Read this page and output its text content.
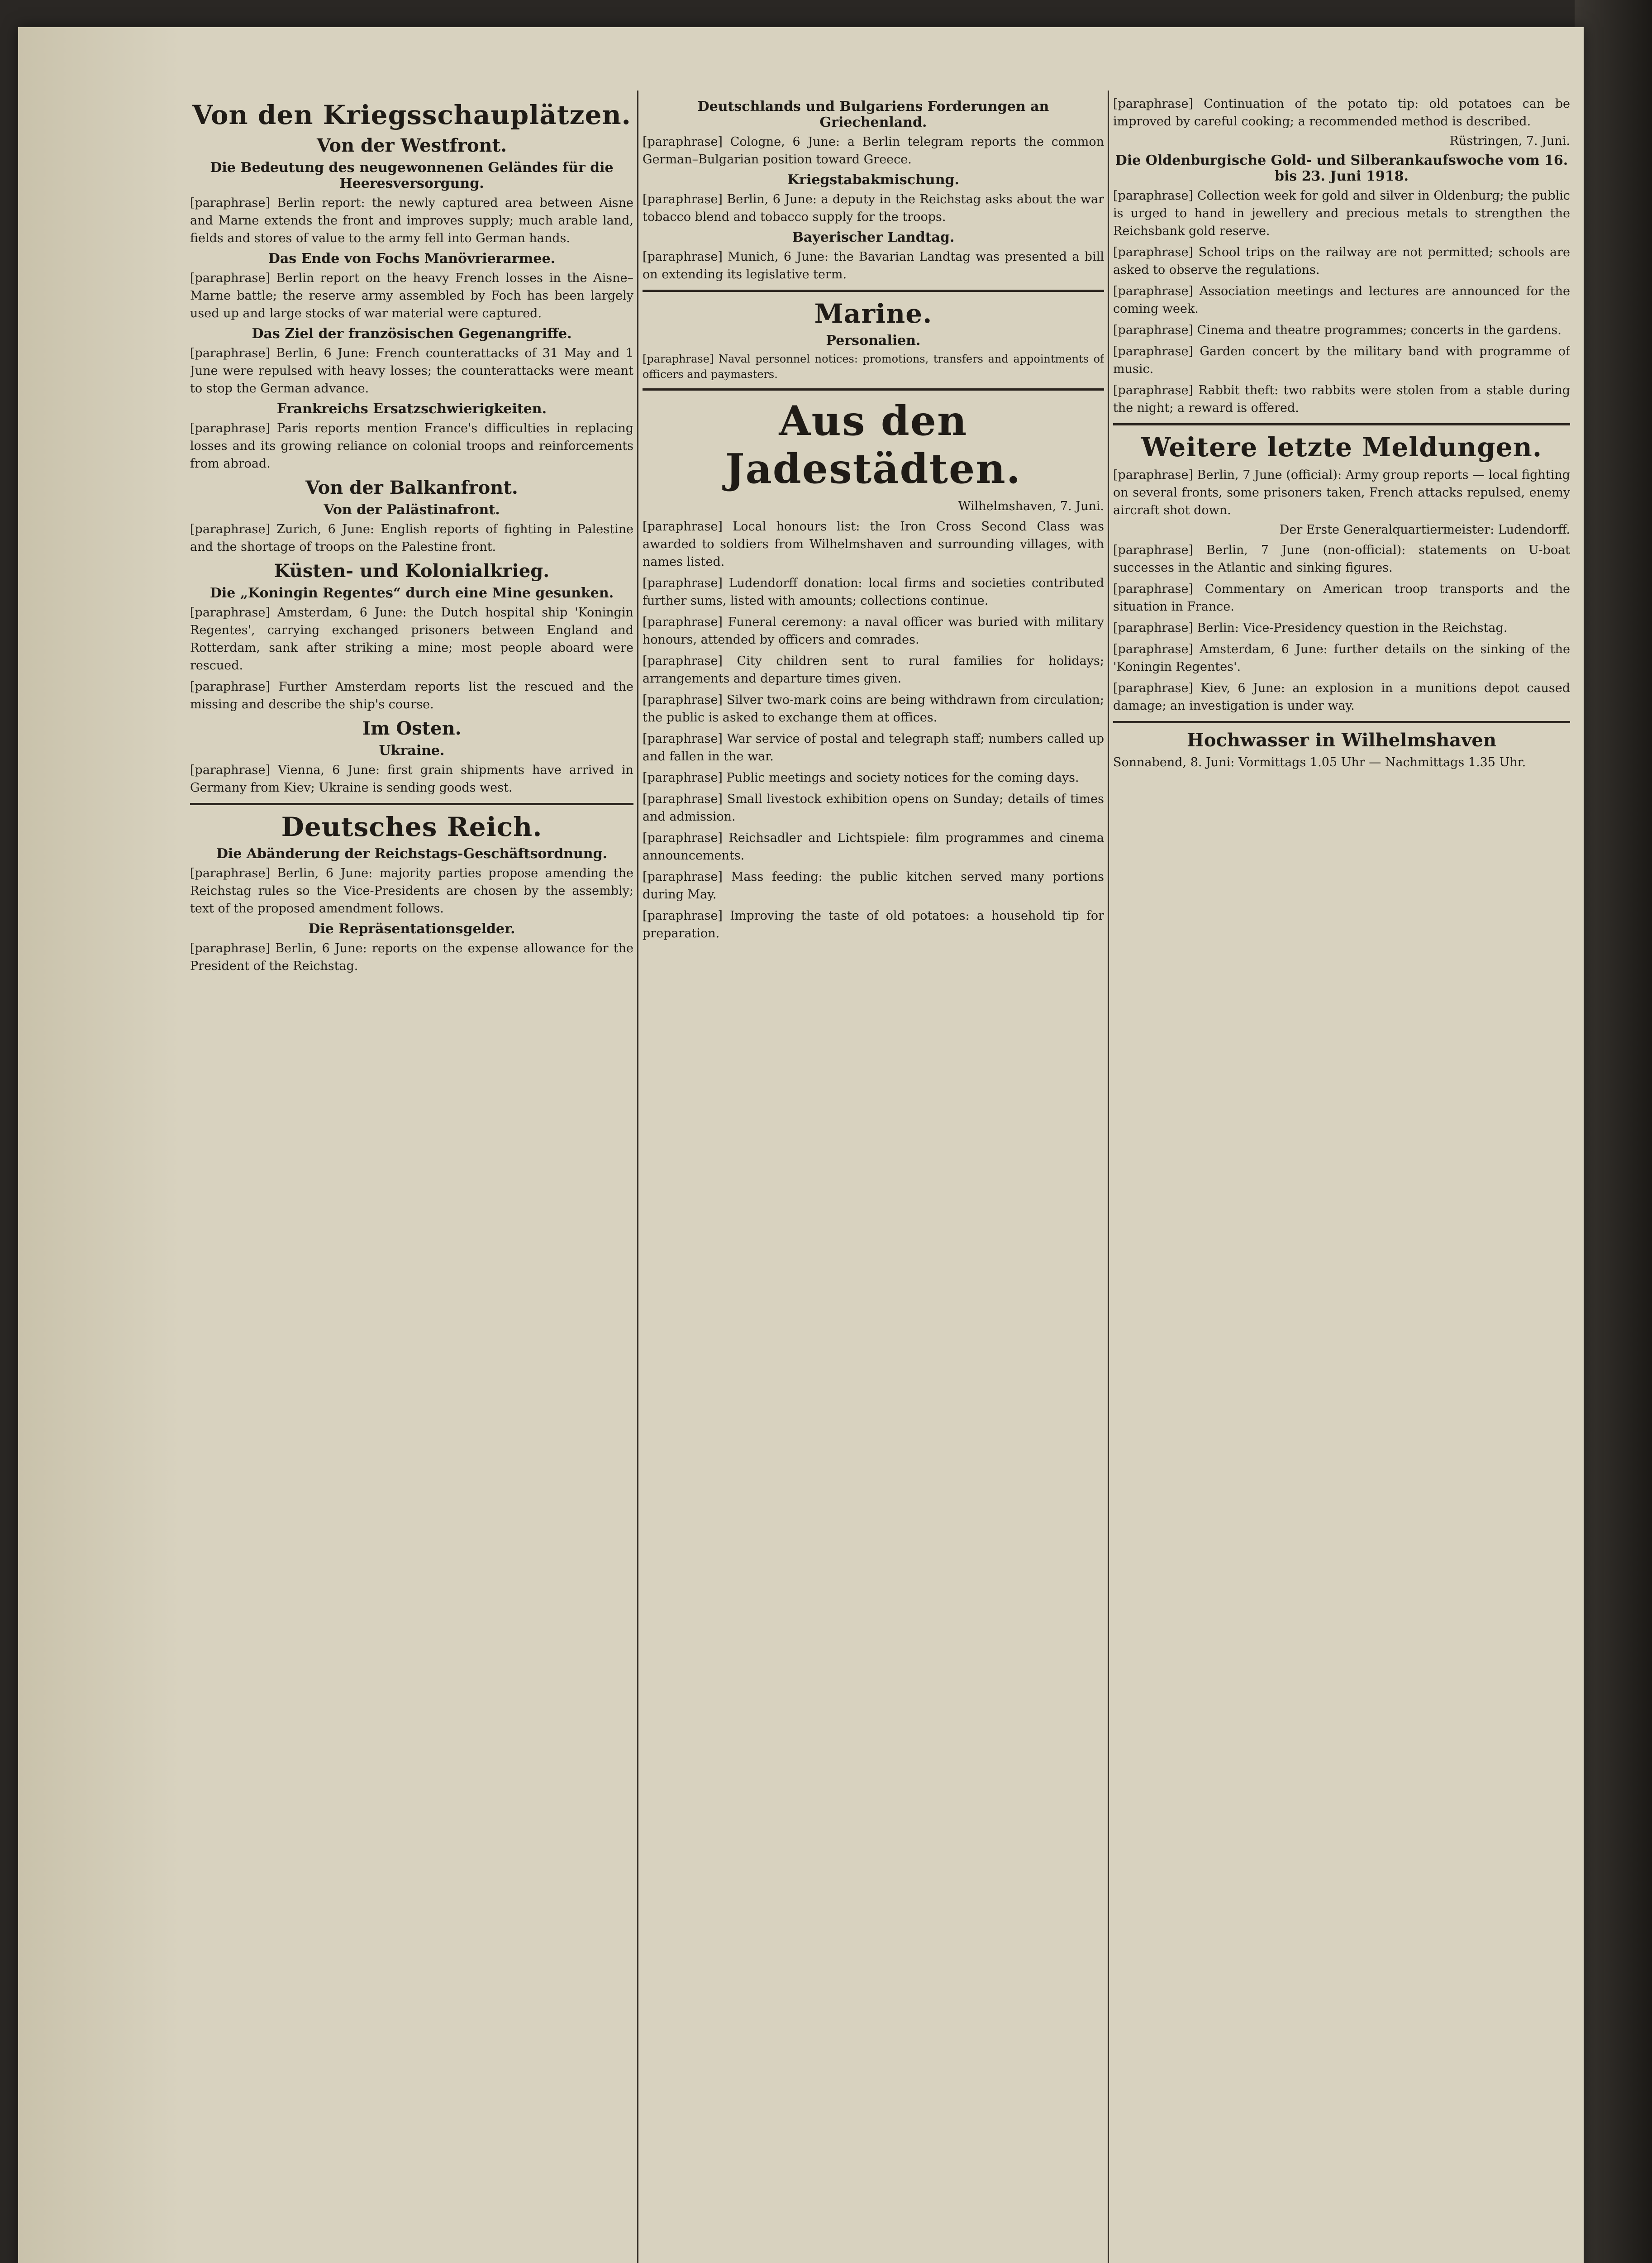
Von den Kriegsschauplätzen.
Von der Westfront.
Die Bedeutung des neugewonnenen Geländes für die Heeresversorgung.

[paraphrase] Berlin report: the newly captured area between Aisne and Marne extends the front and improves supply; much arable land, fields and stores of value to the army fell into German hands.

Das Ende von Fochs Manövrierarmee.

[paraphrase] Berlin report on the heavy French losses in the Aisne–Marne battle; the reserve army assembled by Foch has been largely used up and large stocks of war material were captured.

Das Ziel der französischen Gegenangriffe.

[paraphrase] Berlin, 6 June: French counterattacks of 31 May and 1 June were repulsed with heavy losses; the counterattacks were meant to stop the German advance.

Frankreichs Ersatzschwierigkeiten.

[paraphrase] Paris reports mention France's difficulties in replacing losses and its growing reliance on colonial troops and reinforcements from abroad.

Von der Balkanfront.
Von der Palästinafront.

[paraphrase] Zurich, 6 June: English reports of fighting in Palestine and the shortage of troops on the Palestine front.

Küsten- und Kolonialkrieg.
Die „Koningin Regentes“ durch eine Mine gesunken.

[paraphrase] Amsterdam, 6 June: the Dutch hospital ship 'Koningin Regentes', carrying exchanged prisoners between England and Rotterdam, sank after striking a mine; most people aboard were rescued.

[paraphrase] Further Amsterdam reports list the rescued and the missing and describe the ship's course.

Im Osten.
Ukraine.

[paraphrase] Vienna, 6 June: first grain shipments have arrived in Germany from Kiev; Ukraine is sending goods west.

Deutsches Reich.
Die Abänderung der Reichstags-Geschäftsordnung.

[paraphrase] Berlin, 6 June: majority parties propose amending the Reichstag rules so the Vice-Presidents are chosen by the assembly; text of the proposed amendment follows.

Die Repräsentationsgelder.

[paraphrase] Berlin, 6 June: reports on the expense allowance for the President of the Reichstag.

Deutschlands und Bulgariens Forderungen an Griechenland.

[paraphrase] Cologne, 6 June: a Berlin telegram reports the common German–Bulgarian position toward Greece.

Kriegstabakmischung.

[paraphrase] Berlin, 6 June: a deputy in the Reichstag asks about the war tobacco blend and tobacco supply for the troops.

Bayerischer Landtag.

[paraphrase] Munich, 6 June: the Bavarian Landtag was presented a bill on extending its legislative term.

Marine.
Personalien.

[paraphrase] Naval personnel notices: promotions, transfers and appointments of officers and paymasters.

Aus den Jadestädten.
Wilhelmshaven, 7. Juni.

[paraphrase] Local honours list: the Iron Cross Second Class was awarded to soldiers from Wilhelmshaven and surrounding villages, with names listed.

[paraphrase] Ludendorff donation: local firms and societies contributed further sums, listed with amounts; collections continue.

[paraphrase] Funeral ceremony: a naval officer was buried with military honours, attended by officers and comrades.

[paraphrase] City children sent to rural families for holidays; arrangements and departure times given.

[paraphrase] Silver two-mark coins are being withdrawn from circulation; the public is asked to exchange them at offices.

[paraphrase] War service of postal and telegraph staff; numbers called up and fallen in the war.

[paraphrase] Public meetings and society notices for the coming days.

[paraphrase] Small livestock exhibition opens on Sunday; details of times and admission.

[paraphrase] Reichsadler and Lichtspiele: film programmes and cinema announcements.

[paraphrase] Mass feeding: the public kitchen served many portions during May.

[paraphrase] Improving the taste of old potatoes: a household tip for preparation.

[paraphrase] Continuation of the potato tip: old potatoes can be improved by careful cooking; a recommended method is described.

Rüstringen, 7. Juni.
Die Oldenburgische Gold- und Silberankaufswoche vom 16. bis 23. Juni 1918.

[paraphrase] Collection week for gold and silver in Oldenburg; the public is urged to hand in jewellery and precious metals to strengthen the Reichsbank gold reserve.

[paraphrase] School trips on the railway are not permitted; schools are asked to observe the regulations.

[paraphrase] Association meetings and lectures are announced for the coming week.

[paraphrase] Cinema and theatre programmes; concerts in the gardens.

[paraphrase] Garden concert by the military band with programme of music.

[paraphrase] Rabbit theft: two rabbits were stolen from a stable during the night; a reward is offered.

Weitere letzte Meldungen.

[paraphrase] Berlin, 7 June (official): Army group reports — local fighting on several fronts, some prisoners taken, French attacks repulsed, enemy aircraft shot down.

Der Erste Generalquartiermeister: Ludendorff.

[paraphrase] Berlin, 7 June (non-official): statements on U-boat successes in the Atlantic and sinking figures.

[paraphrase] Commentary on American troop transports and the situation in France.

[paraphrase] Berlin: Vice-Presidency question in the Reichstag.

[paraphrase] Amsterdam, 6 June: further details on the sinking of the 'Koningin Regentes'.

[paraphrase] Kiev, 6 June: an explosion in a munitions depot caused damage; an investigation is under way.

Hochwasser in Wilhelmshaven

Sonnabend, 8. Juni: Vormittags 1.05 Uhr — Nachmittags 1.35 Uhr.
